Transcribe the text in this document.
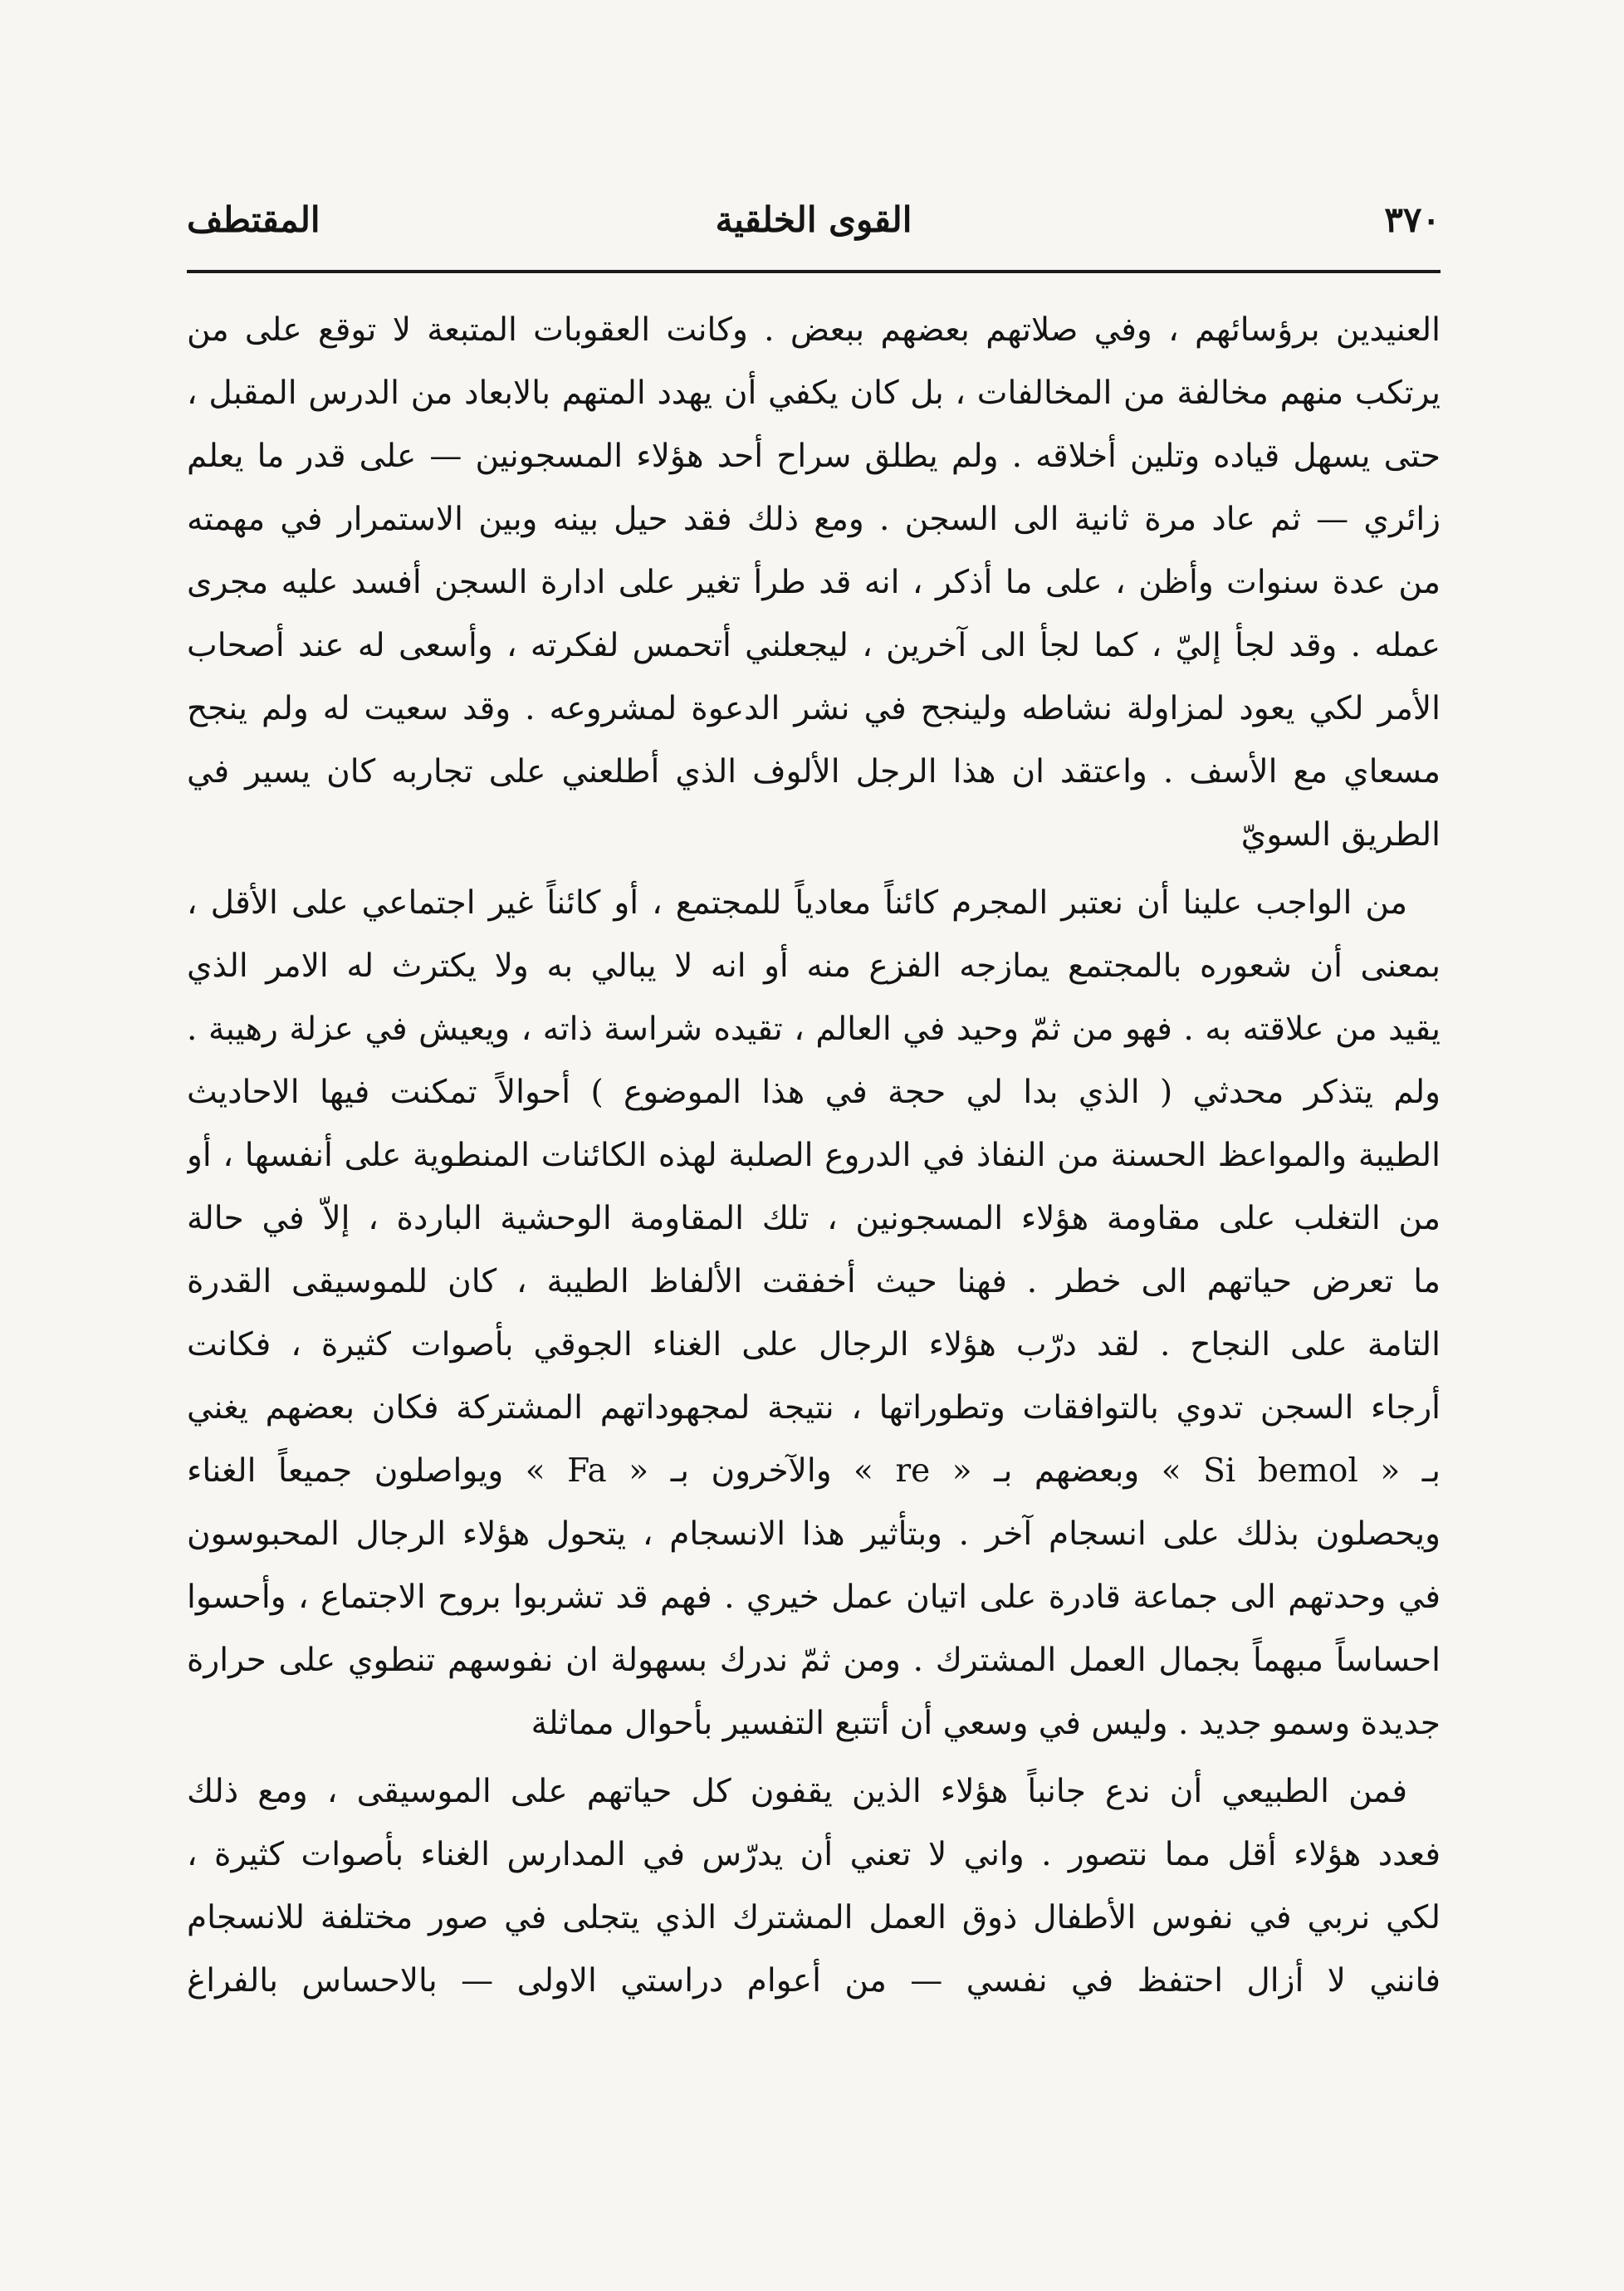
٣٧٠
القوى الخلقية
المقتطف
العنيدين برؤسائهم ، وفي صلاتهم بعضهم ببعض . وكانت العقوبات المتبعة لا توقع على من
يرتكب منهم مخالفة من المخالفات ، بل كان يكفي أن يهدد المتهم بالابعاد من الدرس المقبل ،
حتى يسهل قياده وتلين أخلاقه . ولم يطلق سراح أحد هؤلاء المسجونين — على قدر ما يعلم
زائري — ثم عاد مرة ثانية الى السجن . ومع ذلك فقد حيل بينه وبين الاستمرار في مهمته
من عدة سنوات وأظن ، على ما أذكر ، انه قد طرأ تغير على ادارة السجن أفسد عليه مجرى
عمله . وقد لجأ إليّ ، كما لجأ الى آخرين ، ليجعلني أتحمس لفكرته ، وأسعى له عند أصحاب
الأمر لكي يعود لمزاولة نشاطه ولينجح في نشر الدعوة لمشروعه . وقد سعيت له ولم ينجح
مسعاي مع الأسف . واعتقد ان هذا الرجل الألوف الذي أطلعني على تجاربه كان يسير في
الطريق السويّ
من الواجب علينا أن نعتبر المجرم كائناً معادياً للمجتمع ، أو كائناً غير اجتماعي على الأقل ،
بمعنى أن شعوره بالمجتمع يمازجه الفزع منه أو انه لا يبالي به ولا يكترث له الامر الذي
يقيد من علاقته به . فهو من ثمّ وحيد في العالم ، تقيده شراسة ذاته ، ويعيش في عزلة رهيبة .
ولم يتذكر محدثي ( الذي بدا لي حجة في هذا الموضوع ) أحوالاً تمكنت فيها الاحاديث
الطيبة والمواعظ الحسنة من النفاذ في الدروع الصلبة لهذه الكائنات المنطوية على أنفسها ، أو
من التغلب على مقاومة هؤلاء المسجونين ، تلك المقاومة الوحشية الباردة ، إلاّ في حالة
ما تعرض حياتهم الى خطر . فهنا حيث أخفقت الألفاظ الطيبة ، كان للموسيقى القدرة
التامة على النجاح . لقد درّب هؤلاء الرجال على الغناء الجوقي بأصوات كثيرة ، فكانت
أرجاء السجن تدوي بالتوافقات وتطوراتها ، نتيجة لمجهوداتهم المشتركة فكان بعضهم يغني
بـ « Si bemol » وبعضهم بـ « re » والآخرون بـ « Fa » ويواصلون جميعاً الغناء
ويحصلون بذلك على انسجام آخر . وبتأثير هذا الانسجام ، يتحول هؤلاء الرجال المحبوسون
في وحدتهم الى جماعة قادرة على اتيان عمل خيري . فهم قد تشربوا بروح الاجتماع ، وأحسوا
احساساً مبهماً بجمال العمل المشترك . ومن ثمّ ندرك بسهولة ان نفوسهم تنطوي على حرارة
جديدة وسمو جديد . وليس في وسعي أن أتتبع التفسير بأحوال مماثلة
فمن الطبيعي أن ندع جانباً هؤلاء الذين يقفون كل حياتهم على الموسيقى ، ومع ذلك
فعدد هؤلاء أقل مما نتصور . واني لا تعني أن يدرّس في المدارس الغناء بأصوات كثيرة ،
لكي نربي في نفوس الأطفال ذوق العمل المشترك الذي يتجلى في صور مختلفة للانسجام
فانني لا أزال احتفظ في نفسي — من أعوام دراستي الاولى — بالاحساس بالفراغ
